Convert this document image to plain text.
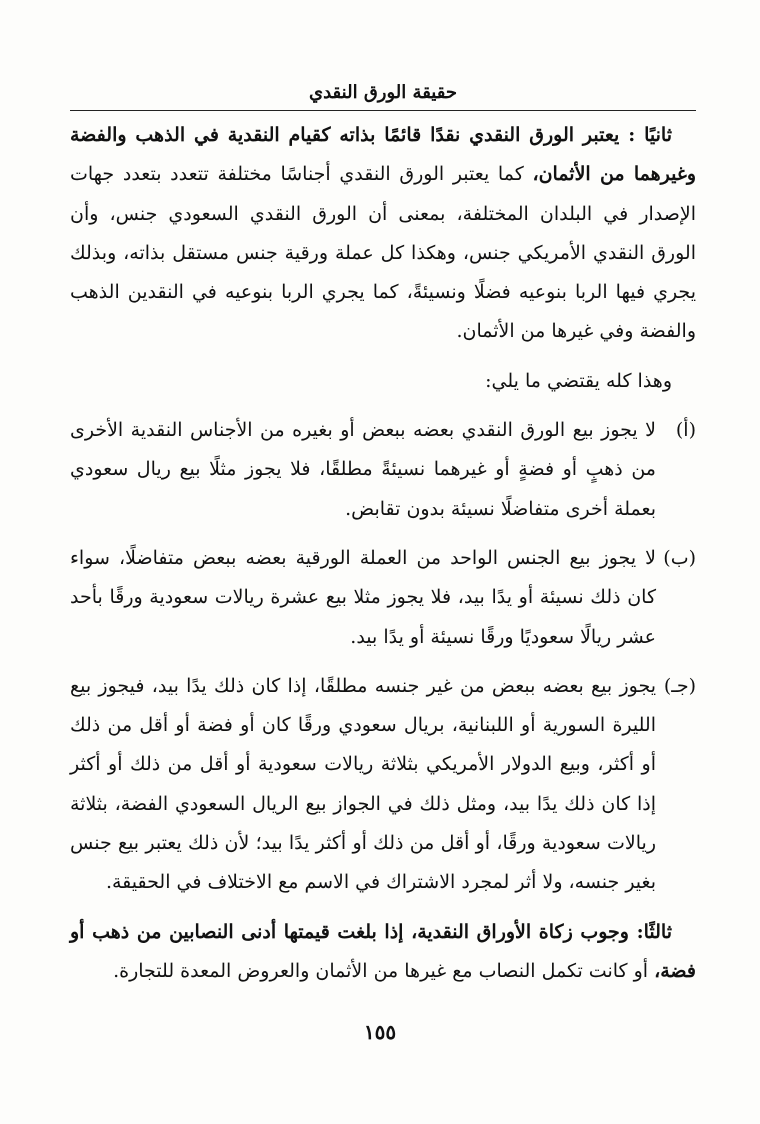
حقيقة الورق النقدي

ثانيًا : يعتبر الورق النقدي نقدًا قائمًا بذاته كقيام النقدية في الذهب والفضة وغيرهما من الأثمان، كما يعتبر الورق النقدي أجناسًا مختلفة تتعدد بتعدد جهات الإصدار في البلدان المختلفة، بمعنى أن الورق النقدي السعودي جنس، وأن الورق النقدي الأمريكي جنس، وهكذا كل عملة ورقية جنس مستقل بذاته، وبذلك يجري فيها الربا بنوعيه فضلًا ونسيئةً، كما يجري الربا بنوعيه في النقدين الذهب والفضة وفي غيرها من الأثمان.

وهذا كله يقتضي ما يلي:

(أ)
لا يجوز بيع الورق النقدي بعضه ببعض أو بغيره من الأجناس النقدية الأخرى من ذهبٍ أو فضةٍ أو غيرهما نسيئةً مطلقًا، فلا يجوز مثلًا بيع ريال سعودي بعملة أخرى متفاضلًا نسيئة بدون تقابض.
(ب)
لا يجوز بيع الجنس الواحد من العملة الورقية بعضه ببعض متفاضلًا، سواء كان ذلك نسيئة أو يدًا بيد، فلا يجوز مثلا بيع عشرة ريالات سعودية ورقًا بأحد عشر ريالًا سعوديًا ورقًا نسيئة أو يدًا بيد.
(جـ)
يجوز بيع بعضه ببعض من غير جنسه مطلقًا، إذا كان ذلك يدًا بيد، فيجوز بيع الليرة السورية أو اللبنانية، بريال سعودي ورقًا كان أو فضة أو أقل من ذلك أو أكثر، وبيع الدولار الأمريكي بثلاثة ريالات سعودية أو أقل من ذلك أو أكثر إذا كان ذلك يدًا بيد، ومثل ذلك في الجواز بيع الريال السعودي الفضة، بثلاثة ريالات سعودية ورقًا، أو أقل من ذلك أو أكثر يدًا بيد؛ لأن ذلك يعتبر بيع جنس بغير جنسه، ولا أثر لمجرد الاشتراك في الاسم مع الاختلاف في الحقيقة.

ثالثًا: وجوب زكاة الأوراق النقدية، إذا بلغت قيمتها أدنى النصابين من ذهب أو فضة، أو كانت تكمل النصاب مع غيرها من الأثمان والعروض المعدة للتجارة.

١٥٥
